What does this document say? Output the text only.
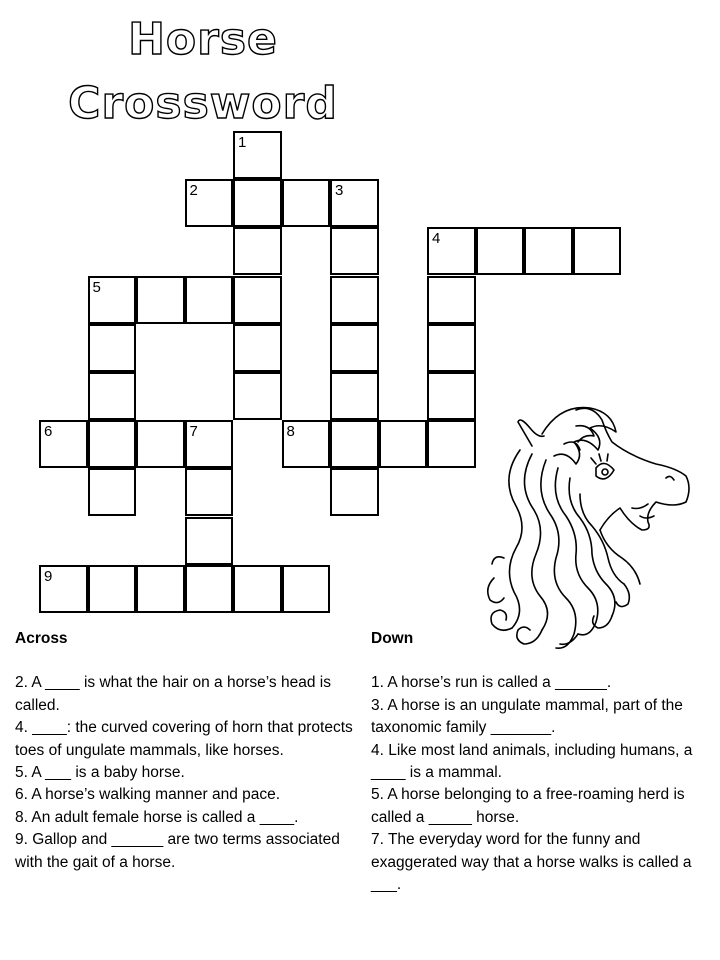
Horse
Crossword
1
2	3
4
5
6	7	8
9
Across
2. A ____ is what the hair on a horse’s head is called.
4. ____: the curved covering of horn that protects toes of ungulate mammals, like horses.
5. A ___ is a baby horse.
6. A horse’s walking manner and pace.
8. An adult female horse is called a ____.
9. Gallop and ______ are two terms associated with the gait of a horse.
Down
1. A horse’s run is called a ______.
3. A horse is an ungulate mammal, part of the taxonomic family _______.
4. Like most land animals, including humans, a ____ is a mammal.
5. A horse belonging to a free-roaming herd is called a _____ horse.
7. The everyday word for the funny and exaggerated way that a horse walks is called a ___.
